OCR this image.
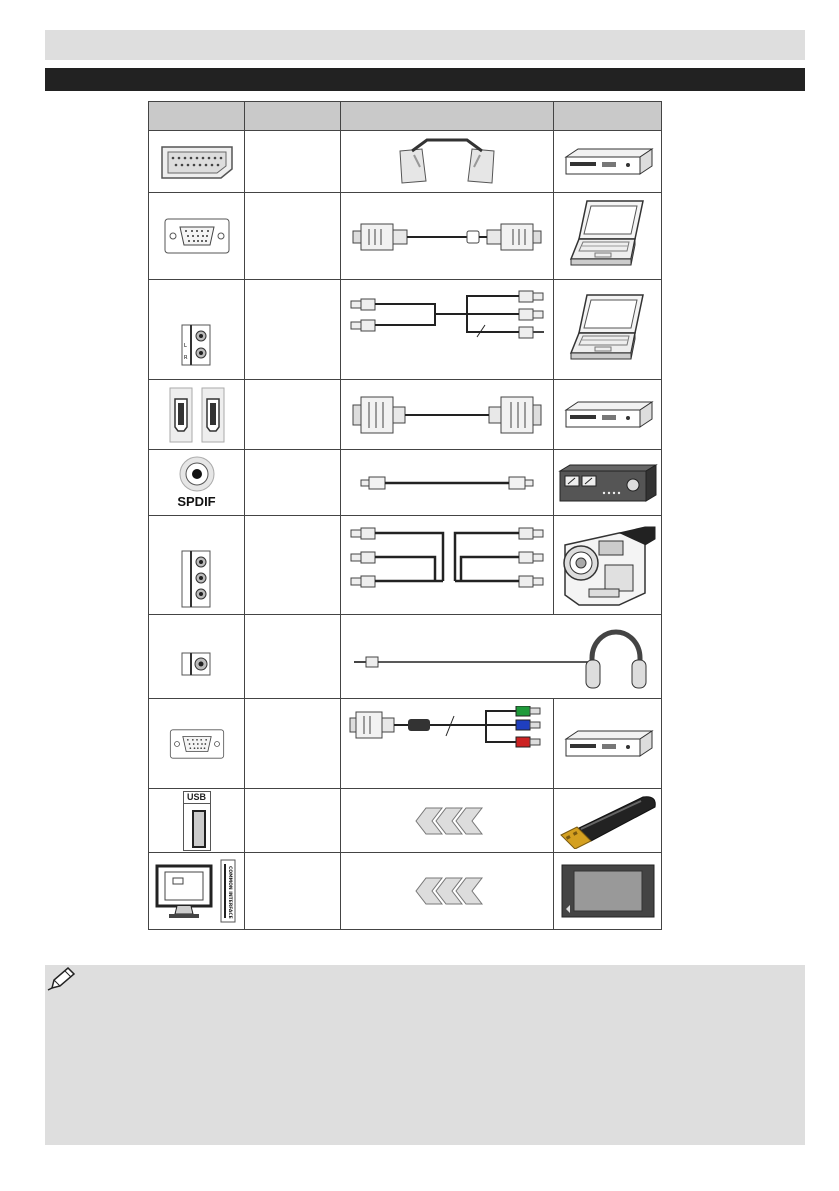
L
R

SPDIF

USB

COMMON INTERFACE
